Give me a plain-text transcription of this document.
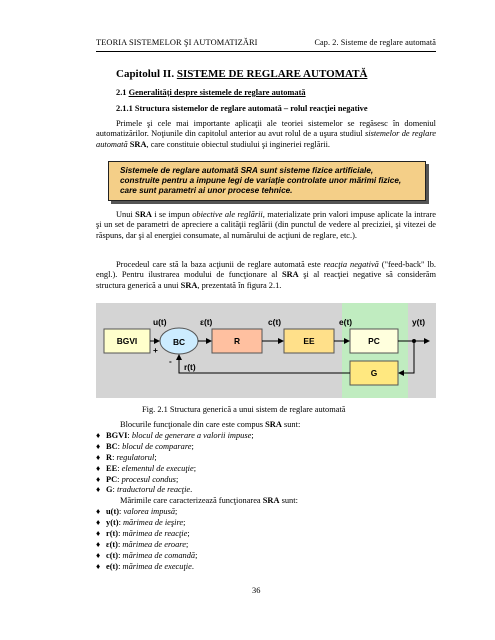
TEORIA SISTEMELOR ŞI AUTOMATIZĂRI	Cap. 2. Sisteme de reglare automată
Capitolul II. SISTEME DE REGLARE AUTOMATĂ
2.1 Generalităţi despre sistemele de reglare automată
2.1.1 Structura sistemelor de reglare automată – rolul reacţiei negative
Primele şi cele mai importante aplicaţii ale teoriei sistemelor se regăsesc în domeniul automatizărilor. Noţiunile din capitolul anterior au avut rolul de a uşura studiul sistemelor de reglare automată SRA, care constituie obiectul studiului şi ingineriei reglării.
Sistemele de reglare automată SRA sunt sisteme fizice artificiale, construite pentru a impune legi de variaţie controlate unor mărimi fizice, care sunt parametri ai unor procese tehnice.
Unui SRA i se impun obiective ale reglării, materializate prin valori impuse aplicate la intrare şi un set de parametri de apreciere a calităţii reglării (din punctul de vedere al preciziei, şi vitezei de răspuns, dar şi al energiei consumate, al numărului de acţiuni de reglare, etc.).
Procedeul care stă la baza acţiunii de reglare automată este reacţia negativă ("feed-back" lb. engl.). Pentru ilustrarea modului de funcţionare al SRA şi al reacţiei negative să considerăm structura generică a unui SRA, prezentată în figura 2.1.
BGVI	BC	R	EE	PC
G
u(t)	ε(t)	c(t)	e(t)	y(t)
r(t)
+
-
Fig. 2.1 Structura generică a unui sistem de reglare automată
Blocurile funcţionale din care este compus SRA sunt:
♦ BGVI: blocul de generare a valorii impuse;
♦ BC: blocul de comparare;
♦ R: regulatorul;
♦ EE: elementul de execuţie;
♦ PC: procesul condus;
♦ G: traductorul de reacţie.
Mărimile care caracterizează funcţionarea SRA sunt:
♦ u(t): valorea impusă;
♦ y(t): mărimea de ieşire;
♦ r(t): mărimea de reacţie;
♦ ε(t): mărimea de eroare;
♦ c(t): mărimea de comandă;
♦ e(t): mărimea de execuţie.
36
